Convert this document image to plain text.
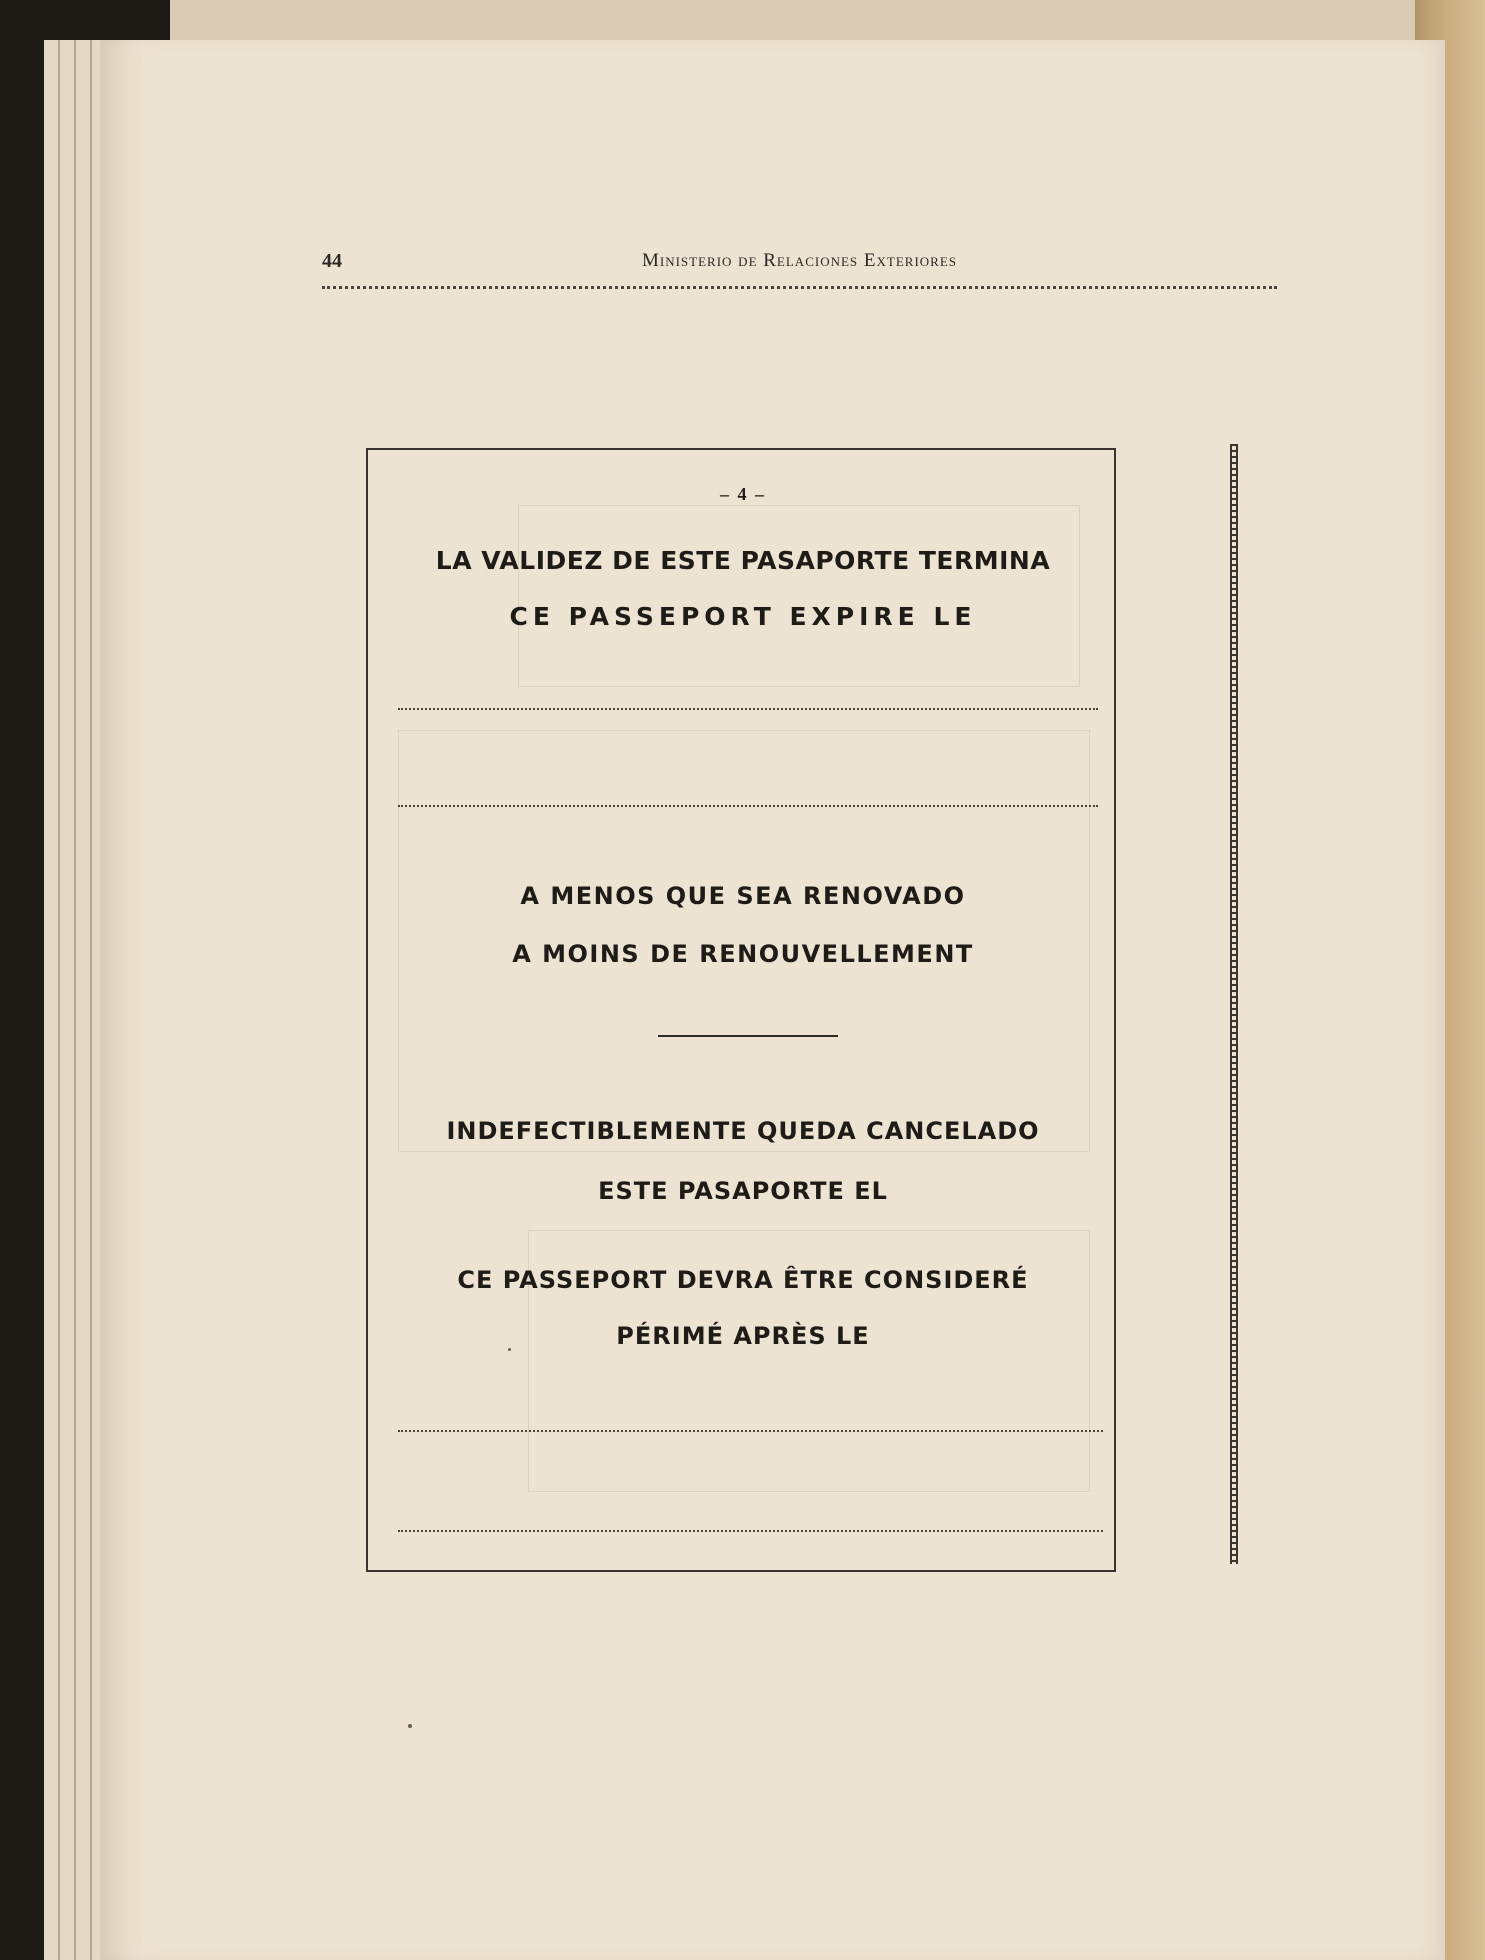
44	Ministerio de Relaciones Exteriores
– 4 –
LA VALIDEZ DE ESTE PASAPORTE TERMINA
CE PASSEPORT EXPIRE LE
A MENOS QUE SEA RENOVADO
A MOINS DE RENOUVELLEMENT
INDEFECTIBLEMENTE QUEDA CANCELADO
ESTE PASAPORTE EL
CE PASSEPORT DEVRA ÊTRE CONSIDERÉ
PÉRIMÉ APRÈS LE
